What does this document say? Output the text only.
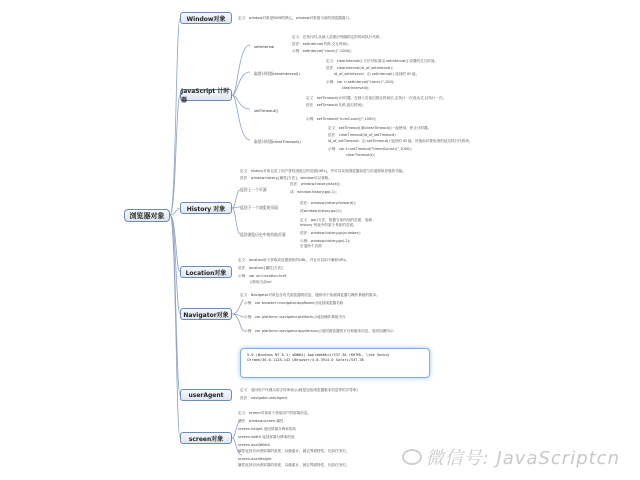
浏览器对象
Window对象	定义：window对象是BOM的核心，window对象指当前的浏览器窗口。
JavaScript 计时器
setInterval
定义：在执行时,从载入页面后每隔指定的时间执行代码。
语法：setInterval(代码,交互时间);
示例：setInterval("clock()",1000);
取消计时器clearInterval()
定义：clearInterval() 方法可取消由 setInterval() 设置的交互时间。
语法：clearInterval(id_of_setInterval);
id_of_setInterval：由 setInterval() 返回的 ID 值。
示例：var i=setInterval("clock()",100);
clearInterval(i);
setTimeout()
定义：setTimeout()计时器，在载入后延迟指定时间后,去执行一次表达式,仅执行一次。
语法：setTimeout(代码,延迟时间);
示例：setTimeout("numCount()",1000);
取消计时器clearTimeout()
定义：setTimeout()和clearTimeout()一起使用，停止计时器。
语法：clearTimeout(id_of_setTimeout)
id_of_setTimeout：由 setTimeout() 返回的 ID 值。该值标识要取消的延迟执行代码块。
示例：var t=setTimeout("timedCount()",1000);
clearTimeout(t);
History 对象
定义：history对象记录了用户曾经浏览过的页面(URL)，并可以实现浏览器前进与后退相似导航的功能。
语法：window.history.[属性|方法]，window可以省略。
返回上一个页面
语法：window.history.back();
或：window.history.go(-1);
返回下一个浏览的页面
语法：window.history.forward();
或window.history.go(1);
返回浏览历史中的其他页面
定义：go()方法，根据当前所处的页面，加载
history 列表中的某个具体的页面。
语法：window.history.go(number);
示例：window.history.go(-2);
后退两个页面
Location对象
定义：location用于获取或设置窗体的URL，并且可以用于解析URL。
语法：location.[属性|方法]
示例：var url=location.href;
//获取当前url
Navigator对象
定义：Navigator对象包含有关浏览器的信息，通常用于检测浏览器与操作系统的版本。
示例：var browser=navigator.appName;//返回浏览器名称
示例：var platform=navigator.platform;//返回操作系统平台
示例：var platform=navigator.appVersion;//返回浏览器的平台和版本信息，返回如图所示：
5.0 (Windows NT 6.1; WOW64) AppleWebKit/537.36 (KHTML, like Gecko)
Chrome/36.0.1128.142 UBrowser/4.0.3914.0 Safari/537.36
userAgent
定义：返回用户代理头的字符串表示(就是包括浏览器版本信息等的字符串)
语法：navigator.userAgent
screen对象
定义：screen对象用于获取用户的屏幕信息。
语法：window.screen.属性
screen.height 返回屏幕分辨率的高
screen.width 返回屏幕分辨率的宽
screen.availWidth
属性返回访问者屏幕的宽度，以像素计，减去界面特性，比如任务栏。
screen.availHeight
属性返回访问者屏幕的高度，以像素计，减去界面特性，比如任务栏。	微信号: JavaScriptcn
